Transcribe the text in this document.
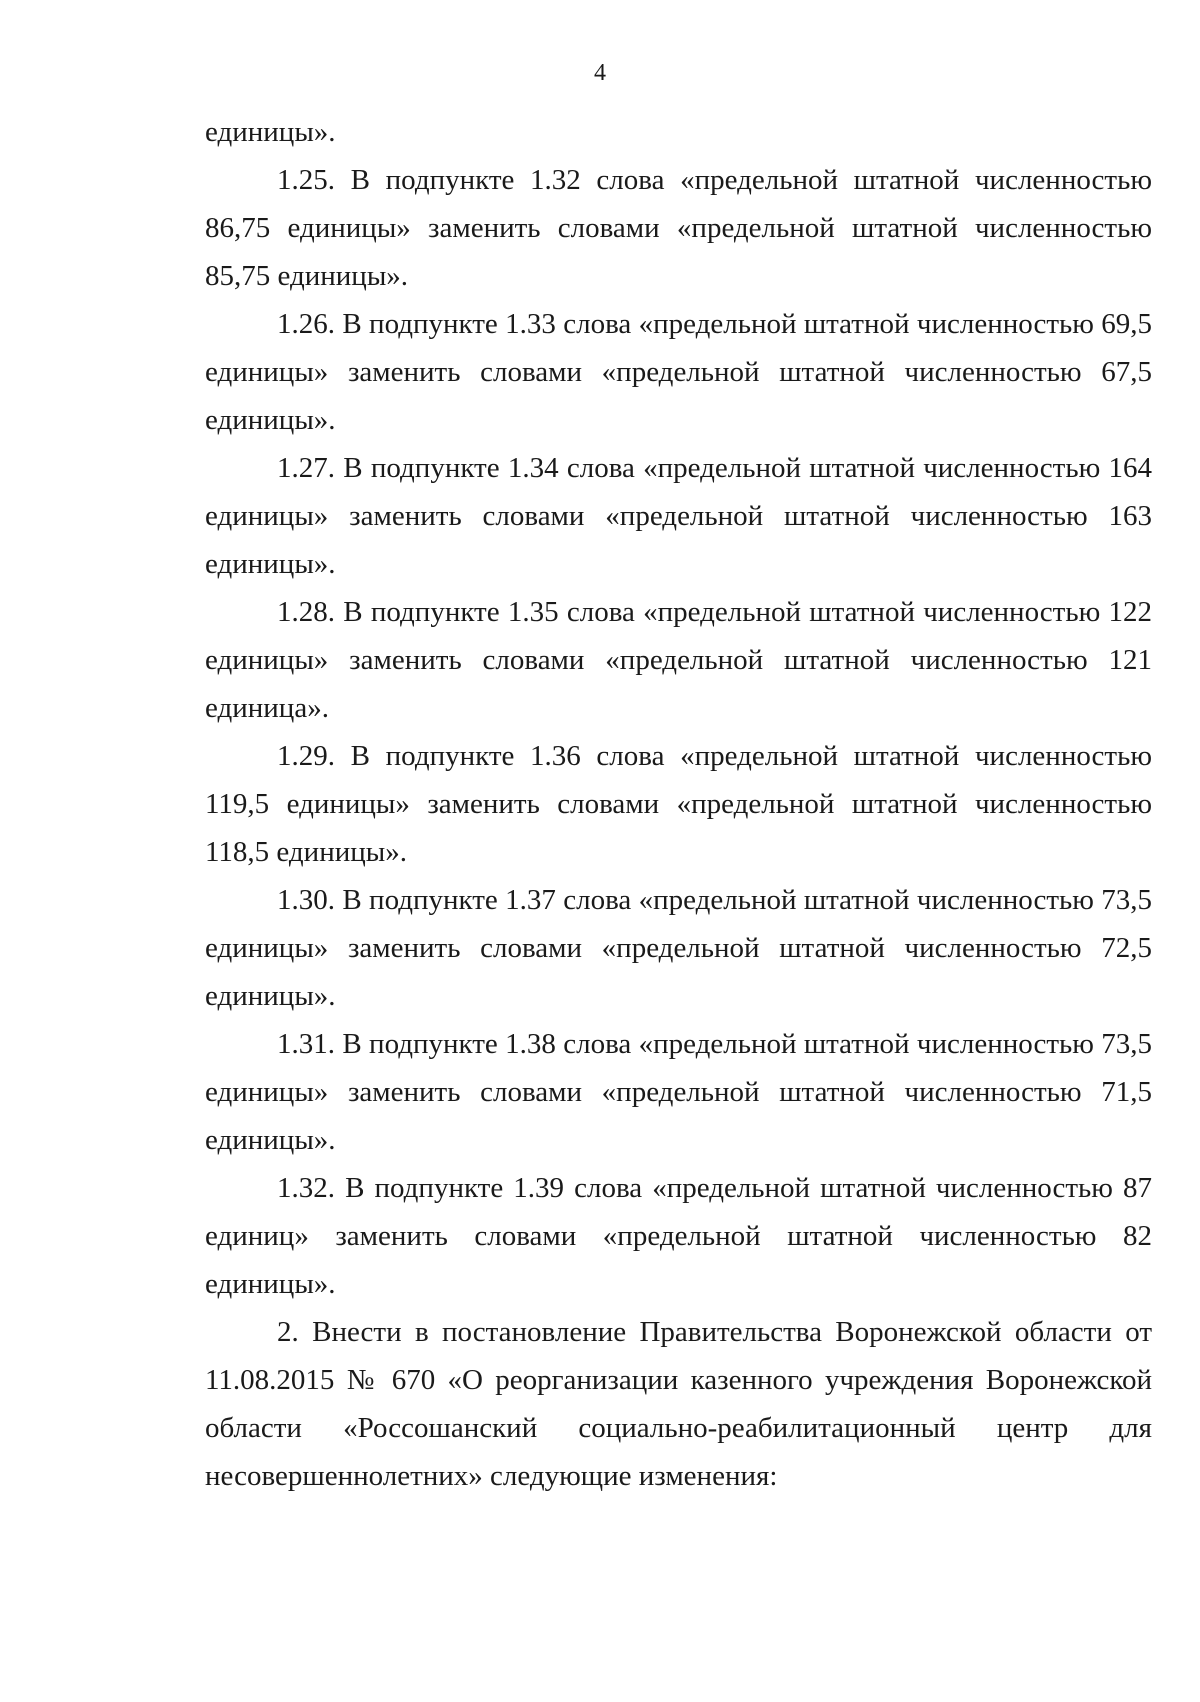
4

единицы».

1.25. В подпункте 1.32 слова «предельной штатной численностью 86,75 единицы» заменить словами «предельной штатной численностью 85,75 единицы».

1.26. В подпункте 1.33 слова «предельной штатной численностью 69,5 единицы» заменить словами «предельной штатной численностью 67,5 единицы».

1.27. В подпункте 1.34 слова «предельной штатной численностью 164 единицы» заменить словами «предельной штатной численностью 163 единицы».

1.28. В подпункте 1.35 слова «предельной штатной численностью 122 единицы» заменить словами «предельной штатной численностью 121 единица».

1.29. В подпункте 1.36 слова «предельной штатной численностью 119,5 единицы» заменить словами «предельной штатной численностью 118,5 единицы».

1.30. В подпункте 1.37 слова «предельной штатной численностью 73,5 единицы» заменить словами «предельной штатной численностью 72,5 единицы».

1.31. В подпункте 1.38 слова «предельной штатной численностью 73,5 единицы» заменить словами «предельной штатной численностью 71,5 единицы».

1.32. В подпункте 1.39 слова «предельной штатной численностью 87 единиц» заменить словами «предельной штатной численностью 82 единицы».

2. Внести в постановление Правительства Воронежской области от 11.08.2015 № 670 «О реорганизации казенного учреждения Воронежской области «Россошанский социально-реабилитационный центр для несовершеннолетних» следующие изменения:
